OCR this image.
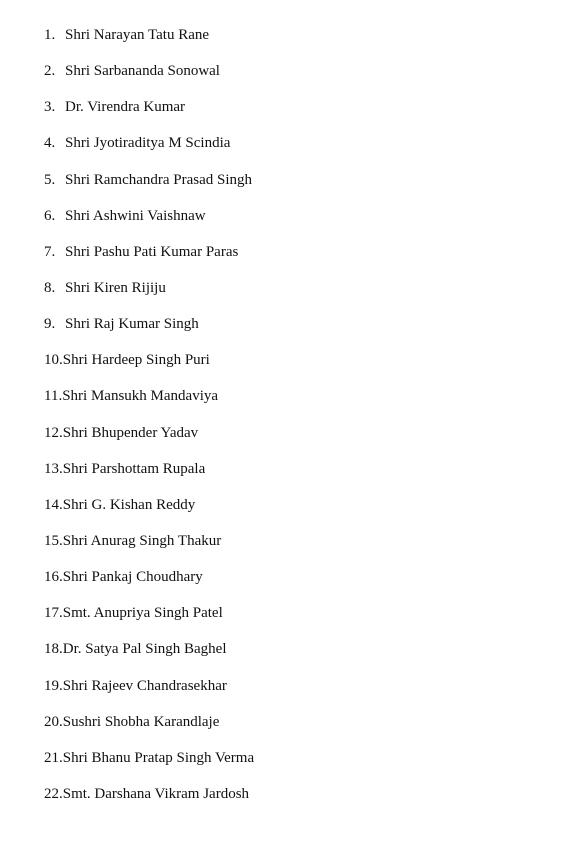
1. Shri Narayan Tatu Rane
2. Shri Sarbananda Sonowal
3. Dr. Virendra Kumar
4. Shri Jyotiraditya M Scindia
5. Shri Ramchandra Prasad Singh
6. Shri Ashwini Vaishnaw
7. Shri Pashu Pati Kumar Paras
8. Shri Kiren Rijiju
9. Shri Raj Kumar Singh
10. Shri Hardeep Singh Puri
11. Shri Mansukh Mandaviya
12. Shri Bhupender Yadav
13. Shri Parshottam Rupala
14. Shri G. Kishan Reddy
15. Shri Anurag Singh Thakur
16. Shri Pankaj Choudhary
17. Smt. Anupriya Singh Patel
18. Dr. Satya Pal Singh Baghel
19. Shri Rajeev Chandrasekhar
20. Sushri Shobha Karandlaje
21. Shri Bhanu Pratap Singh Verma
22. Smt. Darshana Vikram Jardosh
